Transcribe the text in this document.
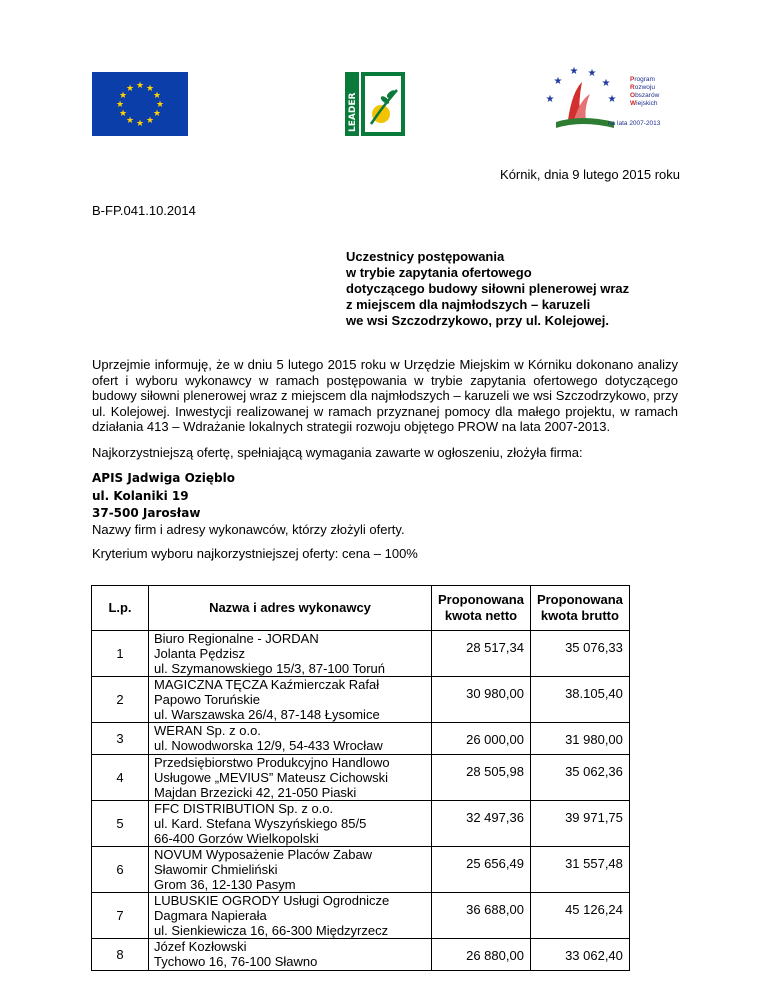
★ ★
★
★
★
★
★
★
★
★
★
★
LEADER	★
★
★ ★
★
★
Program
Rozwoju
Obszarów
Wiejskich
na lata 2007-2013
Kórnik, dnia 9 lutego 2015 roku
B-FP.041.10.2014
Uczestnicy postępowania
w trybie zapytania ofertowego
dotyczącego budowy siłowni plenerowej wraz
z miejscem dla najmłodszych – karuzeli
we wsi Szczodrzykowo, przy ul. Kolejowej.
Uprzejmie informuję, że w dniu 5 lutego 2015 roku w Urzędzie Miejskim w Kórniku dokonano analizy ofert i wyboru wykonawcy w ramach postępowania w trybie zapytania ofertowego dotyczącego budowy siłowni plenerowej wraz z miejscem dla najmłodszych – karuzeli we wsi Szczodrzykowo, przy ul. Kolejowej. Inwestycji realizowanej w ramach przyznanej pomocy dla małego projektu, w ramach działania 413 – Wdrażanie lokalnych strategii rozwoju objętego PROW na lata 2007-2013.
Najkorzystniejszą ofertę, spełniającą wymagania zawarte w ogłoszeniu, złożyła firma:
APIS Jadwiga Ozięblo
ul. Kolaniki 19
37-500 Jarosław
Nazwy firm i adresy wykonawców, którzy złożyli oferty.
Kryterium wyboru najkorzystniejszej oferty: cena – 100%
L.p.	Nazwa i adres wykonawcy	Proponowana kwota netto	Proponowana kwota brutto
1	Biuro Regionalne - JORDAN
Jolanta Pędzisz
ul. Szymanowskiego 15/3, 87-100 Toruń	28 517,34	35 076,33
2	MAGICZNA TĘCZA Kaźmierczak Rafał
Papowo Toruńskie
ul. Warszawska 26/4, 87-148 Łysomice	30 980,00	38.105,40
3	WERAN Sp. z o.o.
ul. Nowodworska 12/9, 54-433 Wrocław	26 000,00	31 980,00
4	Przedsiębiorstwo Produkcyjno Handlowo
Usługowe „MEVIUS” Mateusz Cichowski
Majdan Brzezicki 42, 21-050 Piaski	28 505,98	35 062,36
5	FFC DISTRIBUTION Sp. z o.o.
ul. Kard. Stefana Wyszyńskiego 85/5
66-400 Gorzów Wielkopolski	32 497,36	39 971,75
6	NOVUM Wyposażenie Placów Zabaw
Sławomir Chmieliński
Grom 36, 12-130 Pasym	25 656,49	31 557,48
7	LUBUSKIE OGRODY Usługi Ogrodnicze
Dagmara Napierała
ul. Sienkiewicza 16, 66-300 Międzyrzecz	36 688,00	45 126,24
8	Józef Kozłowski
Tychowo 16, 76-100 Sławno	26 880,00	33 062,40
